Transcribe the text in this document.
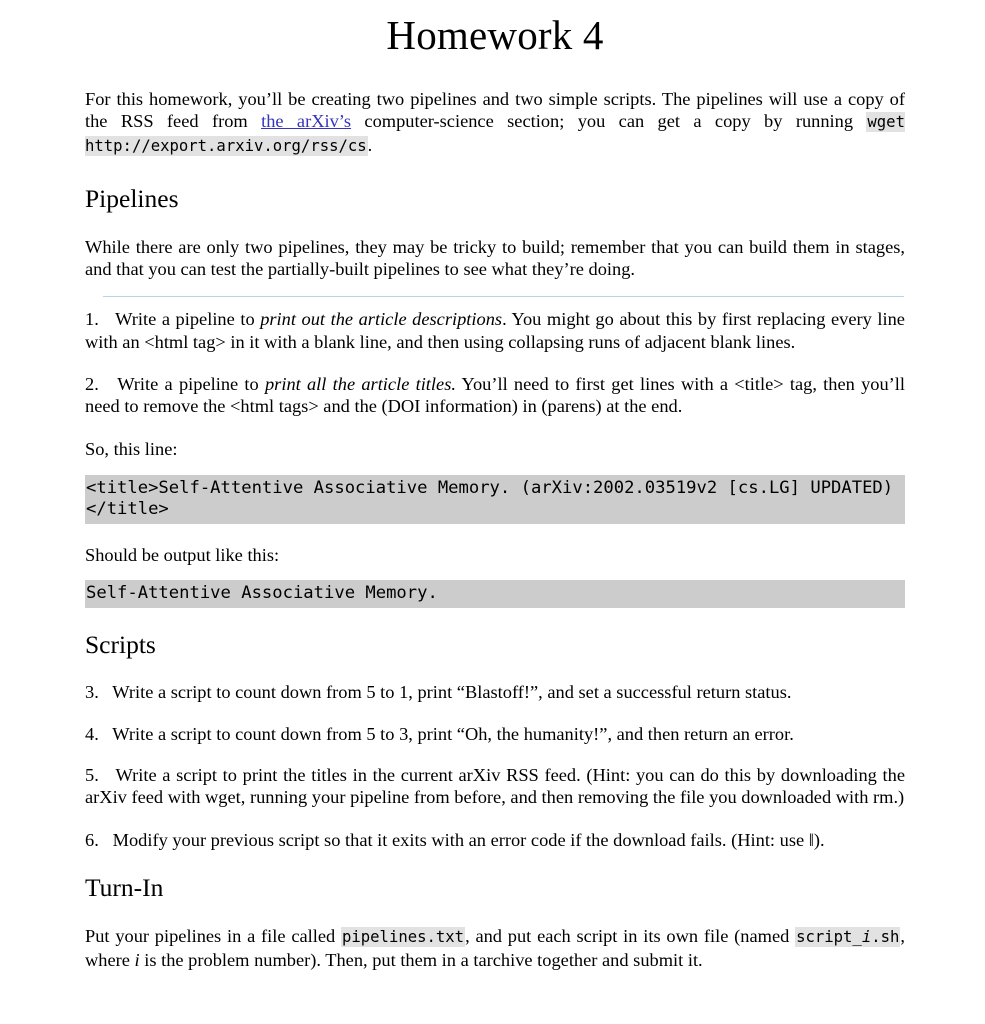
Homework 4

For this homework, you’ll be creating two pipelines and two simple scripts. The pipelines will use a copy of the RSS feed from the arXiv’s computer-science section; you can get a copy by running wget http://export.arxiv.org/rss/cs.

Pipelines

While there are only two pipelines, they may be tricky to build; remember that you can build them in stages, and that you can test the partially-built pipelines to see what they’re doing.

1. Write a pipeline to print out the article descriptions. You might go about this by first replacing every line with an <html tag> in it with a blank line, and then using collapsing runs of adjacent blank lines.

2. Write a pipeline to print all the article titles. You’ll need to first get lines with a <title> tag, then you’ll need to remove the <html tags> and the (DOI information) in (parens) at the end.

So, this line:

<title>Self-Attentive Associative Memory. (arXiv:2002.03519v2 [cs.LG] UPDATED)</title>

Should be output like this:

Self-Attentive Associative Memory.
Scripts

3. Write a script to count down from 5 to 1, print “Blastoff!”, and set a successful return status.

4. Write a script to count down from 5 to 3, print “Oh, the humanity!”, and then return an error.

5. Write a script to print the titles in the current arXiv RSS feed. (Hint: you can do this by downloading the arXiv feed with wget, running your pipeline from before, and then removing the file you downloaded with rm.)

6. Modify your previous script so that it exits with an error code if the download fails. (Hint: use ‖).

Turn-In

Put your pipelines in a file called pipelines.txt, and put each script in its own file (named script_i.sh, where i is the problem number). Then, put them in a tarchive together and submit it.
